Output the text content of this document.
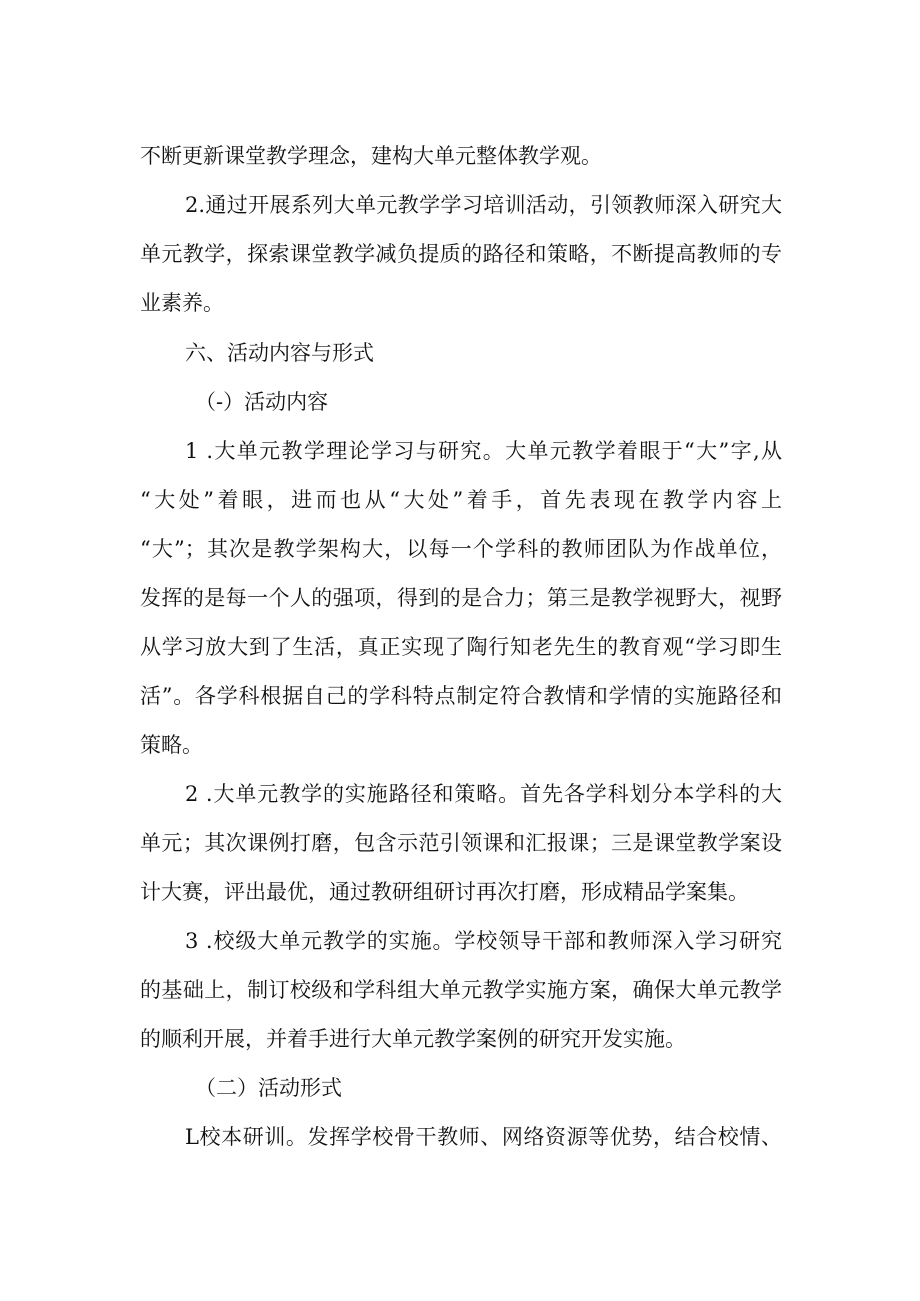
不断更新课堂教学理念，建构大单元整体教学观。
2.通过开展系列大单元教学学习培训活动，引领教师深入研究大
单元教学，探索课堂教学减负提质的路径和策略，不断提高教师的专
业素养。
六、活动内容与形式
（-）活动内容
1 .大单元教学理论学习与研究。大单元教学着眼于“大”字,从
“大处”着眼，进而也从“大处”着手，首先表现在教学内容上
“大”；其次是教学架构大，以每一个学科的教师团队为作战单位，
发挥的是每一个人的强项，得到的是合力；第三是教学视野大，视野
从学习放大到了生活，真正实现了陶行知老先生的教育观“学习即生
活”。各学科根据自己的学科特点制定符合教情和学情的实施路径和
策略。
2 .大单元教学的实施路径和策略。首先各学科划分本学科的大
单元；其次课例打磨，包含示范引领课和汇报课；三是课堂教学案设
计大赛，评出最优，通过教研组研讨再次打磨，形成精品学案集。
3 .校级大单元教学的实施。学校领导干部和教师深入学习研究
的基础上，制订校级和学科组大单元教学实施方案，确保大单元教学
的顺利开展，并着手进行大单元教学案例的研究开发实施。
（二）活动形式
L校本研训。发挥学校骨干教师、网络资源等优势，结合校情、
